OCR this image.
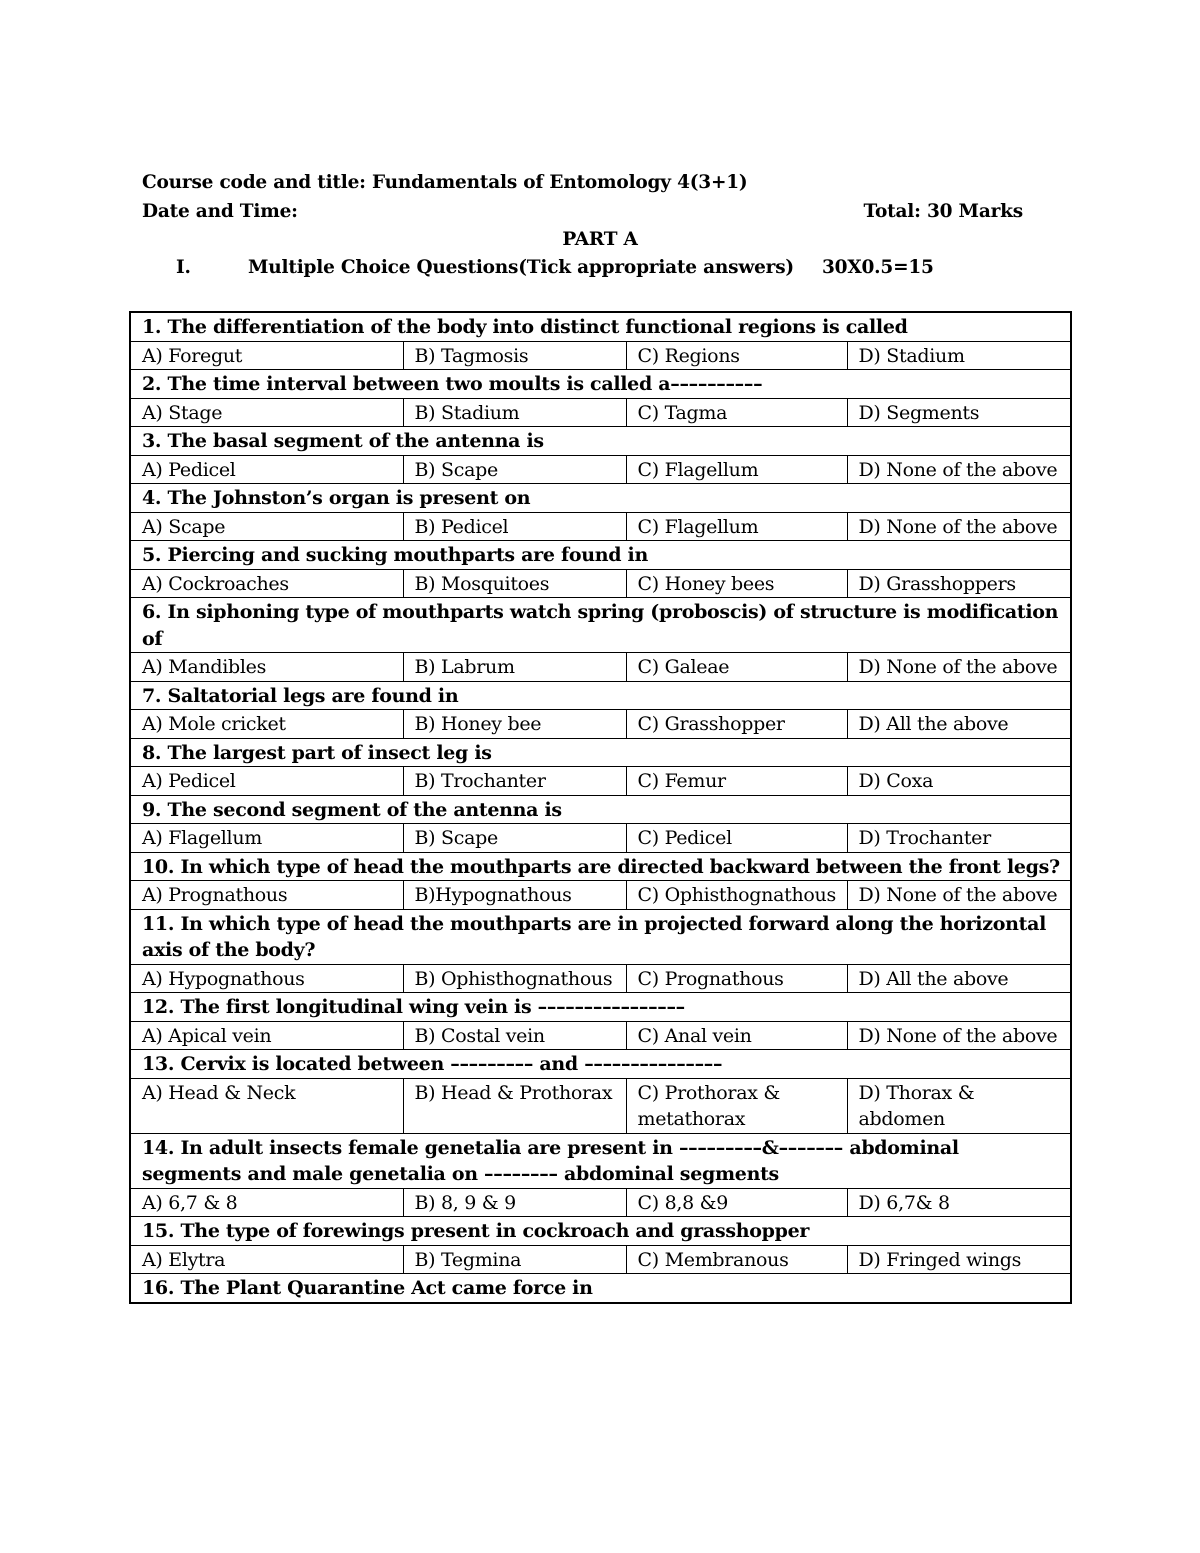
Course code and title: Fundamentals of Entomology 4(3+1)
Date and Time:	Total: 30 Marks
PART A
I.	Multiple Choice Questions(Tick appropriate answers) 30X0.5=15
1. The differentiation of the body into distinct functional regions is called			
A) Foregut	B) Tagmosis	C) Regions	D) Stadium
2. The time interval between two moults is called a––––––––––			
A) Stage	B) Stadium	C) Tagma	D) Segments
3. The basal segment of the antenna is			
A) Pedicel	B) Scape	C) Flagellum	D) None of the above
4. The Johnston’s organ is present on			
A) Scape	B) Pedicel	C) Flagellum	D) None of the above
5. Piercing and sucking mouthparts are found in			
A) Cockroaches	B) Mosquitoes	C) Honey bees	D) Grasshoppers
6. In siphoning type of mouthparts watch spring (proboscis) of structure is modification of			
A) Mandibles	B) Labrum	C) Galeae	D) None of the above
7. Saltatorial legs are found in			
A) Mole cricket	B) Honey bee	C) Grasshopper	D) All the above
8. The largest part of insect leg is			
A) Pedicel	B) Trochanter	C) Femur	D) Coxa
9. The second segment of the antenna is			
A) Flagellum	B) Scape	C) Pedicel	D) Trochanter
10. In which type of head the mouthparts are directed backward between the front legs?			
A) Prognathous	B)Hypognathous	C) Ophisthognathous	D) None of the above
11. In which type of head the mouthparts are in projected forward along the horizontal axis of the body?			
A) Hypognathous	B) Ophisthognathous	C) Prognathous	D) All the above
12. The first longitudinal wing vein is ––––––––––––––––			
A) Apical vein	B) Costal vein	C) Anal vein	D) None of the above
13. Cervix is located between ––––––––– and –––––––––––––––			
A) Head & Neck	B) Head & Prothorax	C) Prothorax & metathorax	D) Thorax & abdomen
14. In adult insects female genetalia are present in –––––––––&––––––– abdominal segments and male genetalia on –––––––– abdominal segments			
A) 6,7 & 8	B) 8, 9 & 9	C) 8,8 &9	D) 6,7& 8
15. The type of forewings present in cockroach and grasshopper			
A) Elytra	B) Tegmina	C) Membranous	D) Fringed wings
16. The Plant Quarantine Act came force in			
